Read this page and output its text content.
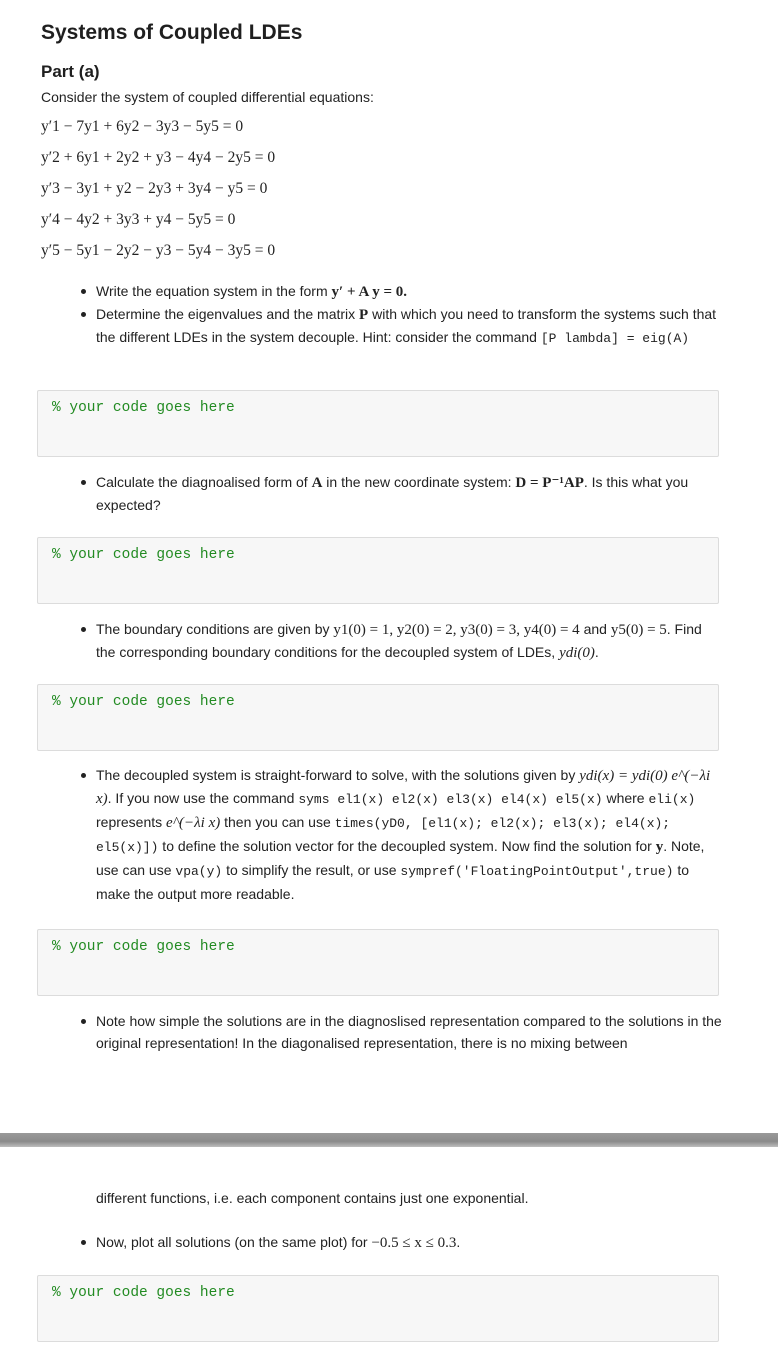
Systems of Coupled LDEs
Part (a)
Consider the system of coupled differential equations:
y′1 − 7y1 + 6y2 − 3y3 − 5y5 = 0
y′2 + 6y1 + 2y2 + y3 − 4y4 − 2y5 = 0
y′3 − 3y1 + y2 − 2y3 + 3y4 − y5 = 0
y′4 − 4y2 + 3y3 + y4 − 5y5 = 0
y′5 − 5y1 − 2y2 − y3 − 5y4 − 3y5 = 0
Write the equation system in the form y′ + A y = 0.
Determine the eigenvalues and the matrix P with which you need to transform the systems such that the different LDEs in the system decouple. Hint: consider the command [P lambda] = eig(A)
% your code goes here
Calculate the diagnoalised form of A in the new coordinate system: D = P⁻¹AP. Is this what you expected?
% your code goes here
The boundary conditions are given by y1(0) = 1, y2(0) = 2, y3(0) = 3, y4(0) = 4 and y5(0) = 5. Find the corresponding boundary conditions for the decoupled system of LDEs, ydi(0).
% your code goes here
The decoupled system is straight-forward to solve, with the solutions given by ydi(x) = ydi(0) e^(−λi x). If you now use the command syms el1(x) el2(x) el3(x) el4(x) el5(x) where eli(x) represents e^(−λi x) then you can use times(yD0, [el1(x); el2(x); el3(x); el4(x); el5(x)]) to define the solution vector for the decoupled system. Now find the solution for y. Note, use can use vpa(y) to simplify the result, or use sympref('FloatingPointOutput',true) to make the output more readable.
% your code goes here
Note how simple the solutions are in the diagnoslised representation compared to the solutions in the original representation! In the diagonalised representation, there is no mixing between
different functions, i.e. each component contains just one exponential.
Now, plot all solutions (on the same plot) for −0.5 ≤ x ≤ 0.3.
% your code goes here
